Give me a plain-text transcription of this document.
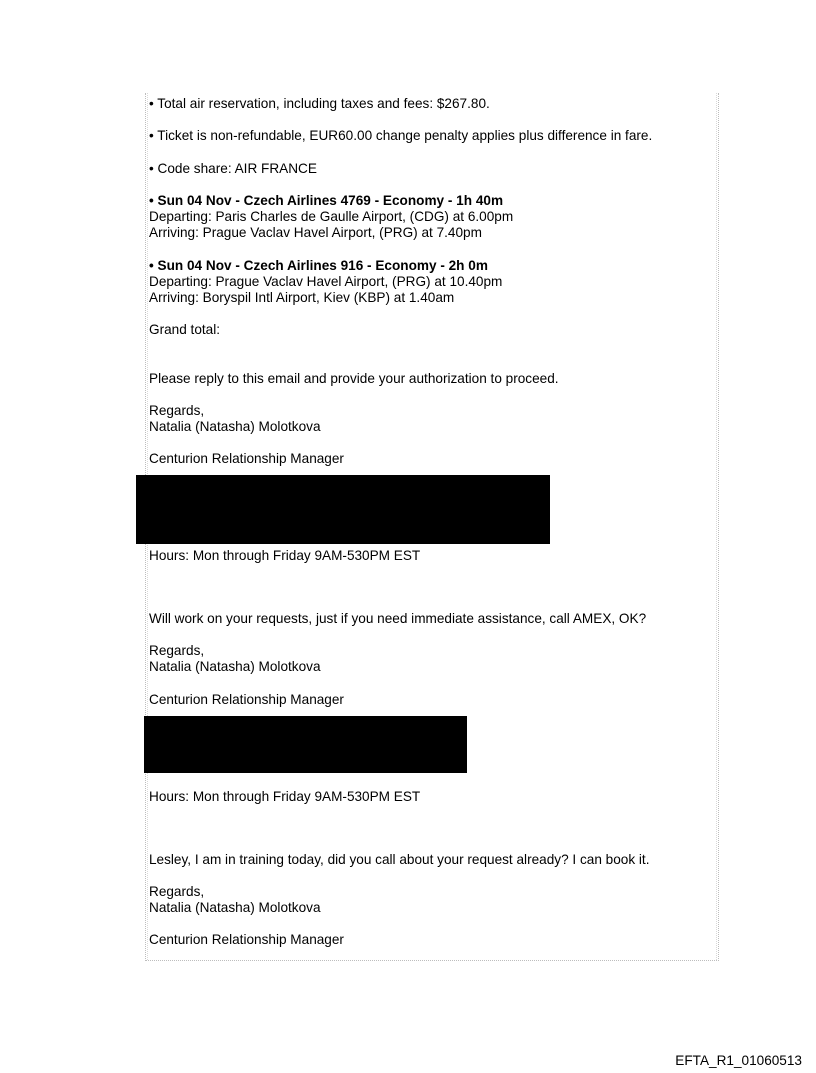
• Total air reservation, including taxes and fees: $267.80.
• Ticket is non-refundable, EUR60.00 change penalty applies plus difference in fare.
• Code share: AIR FRANCE
• Sun 04 Nov - Czech Airlines 4769 - Economy - 1h 40m
Departing: Paris Charles de Gaulle Airport, (CDG) at 6.00pm
Arriving: Prague Vaclav Havel Airport, (PRG) at 7.40pm
• Sun 04 Nov - Czech Airlines 916 - Economy - 2h 0m
Departing: Prague Vaclav Havel Airport, (PRG) at 10.40pm
Arriving: Boryspil Intl Airport, Kiev (KBP) at 1.40am
Grand total:
Please reply to this email and provide your authorization to proceed.
Regards,
Natalia (Natasha) Molotkova
Centurion Relationship Manager
Hours: Mon through Friday 9AM-530PM EST
Will work on your requests, just if you need immediate assistance, call AMEX, OK?
Regards,
Natalia (Natasha) Molotkova
Centurion Relationship Manager
Hours: Mon through Friday 9AM-530PM EST
Lesley, I am in training today, did you call about your request already? I can book it.
Regards,
Natalia (Natasha) Molotkova
Centurion Relationship Manager
EFTA_R1_01060513
